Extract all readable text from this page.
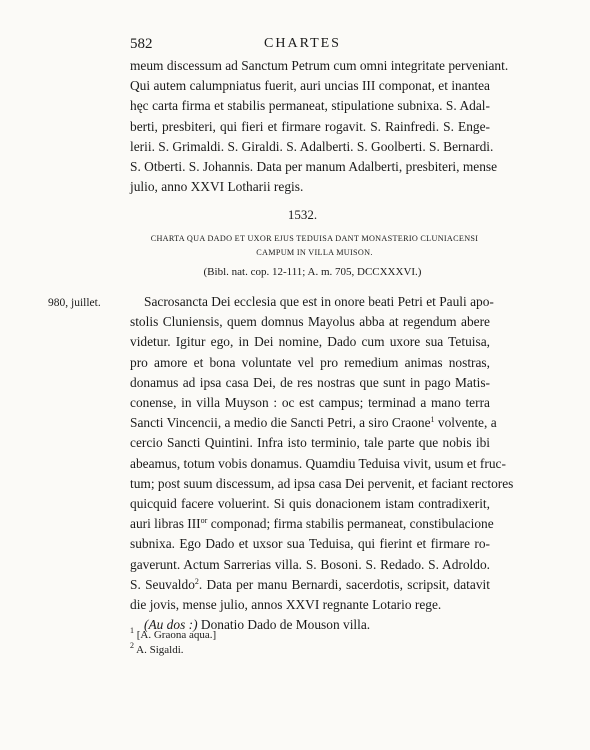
582	CHARTES
meum discessum ad Sanctum Petrum cum omni integritate perveniant.
Qui autem calumpniatus fuerit, auri uncias III componat, et inantea
hęc carta firma et stabilis permaneat, stipulatione subnixa. S. Adal-
berti, presbiteri, qui fieri et firmare rogavit. S. Rainfredi. S. Enge-
lerii. S. Grimaldi. S. Giraldi. S. Adalberti. S. Goolberti. S. Bernardi.
S. Otberti. S. Johannis. Data per manum Adalberti, presbiteri, mense
julio, anno XXVI Lotharii regis.
1532.
CHARTA QUA DADO ET UXOR EJUS TEDUISA DANT MONASTERIO CLUNIACENSI
CAMPUM IN VILLA MUISON.
(Bibl. nat. cop. 12-111; A. m. 705, DCCXXXVI.)
980, juillet.	Sacrosancta Dei ecclesia que est in onore beati Petri et Pauli apo-
stolis Cluniensis, quem domnus Mayolus abba at regendum abere
videtur. Igitur ego, in Dei nomine, Dado cum uxore sua Tetuisa,
pro amore et bona voluntate vel pro remedium animas nostras,
donamus ad ipsa casa Dei, de res nostras que sunt in pago Matis-
conense, in villa Muyson : oc est campus; terminad a mano terra
Sancti Vincencii, a medio die Sancti Petri, a siro Craone$^1$ volvente, a
cercio Sancti Quintini. Infra isto terminio, tale parte que nobis ibi
abeamus, totum vobis donamus. Quamdiu Teduisa vivit, usum et fruc-
tum; post suum discessum, ad ipsa casa Dei pervenit, et faciant rectores
quicquid facere voluerint. Si quis donacionem istam contradixerit,
auri libras $III^{or}$ componad; firma stabilis permaneat, constibulacione
subnixa. Ego Dado et uxsor sua Teduisa, qui fierint et firmare ro-
gaverunt. Actum Sarrerias villa. S. Bosoni. S. Redado. S. Adroldo.
S. Seuvaldo$^2$. Data per manu Bernardi, sacerdotis, scripsit, datavit
die jovis, mense julio, annos XXVI regnante Lotario rege.
(Au dos :) Donatio Dado de Mouson villa.
$^1$ [A. Graona aqua.]
$^2$ A. Sigaldi.
